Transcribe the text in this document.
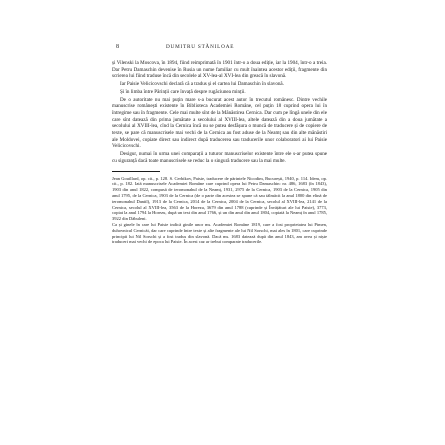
8	DUMITRU STĂNILOAE

și Vilenski la Moscova, în 1894, fiind reimprimată în 1901 într-o a doua ediție, iar la 1904, într-o a treia. Dar Petru Damaschin devenise în Rusia un nume familiar cu mult înaintea acestor ediții, fragmente din scrierea lui fiind traduse încă din secolele al XV-lea-al XVI-lea din greacă în slavonă.

Iar Paisie Velicicovschi declară că a tradus și el cartea lui Damaschin în slavonă.

Și în limba între Părinții care învață despre rugăciunea minții.

De o autoritate nu mai puțin mare s-a bucurat acest autor în trecutul românesc. Dintre vechile manuscrise românești existente în Biblioteca Academiei Române, cel puțin 18 cuprind opera lui în întregime sau în fragmente. Cele mai multe sînt de la Mănăstirea Cernica. Dar cum pe lîngă unele din ele care sînt datează din prima jumătate a secolului al XVIII-lea, altele datează din a doua jumătate a secolului al XVIII-lea, cînd la Cernica încă nu se putea desfășura o muncă de traducere și de copiere de texte, se pare că manuscrisele mai vechi de la Cernica au fost aduse de la Neamț sau din alte mănăstiri ale Moldovei, copiate direct sau indirect după traducerea sau traducerile unor colaboratori ai lui Paisie Velicicovschi.

Desigur, numai în urma unei comparații a tuturor manuscriselor existente între ele s-ar putea spune cu siguranță dacă toate manuscrisele se reduc la o singură traducere sau la mai multe.

Jean Gouillard, op. cit., p. 128. S. Cerbikov, Paisie, traducere de părintele Nicodim, București, 1940, p. 114. Idem, op. cit., p. 182. Iată manuscrisele Academiei Române care cuprind opera lui Petru Damaschin: nr. 486, 1683 (în 1843), 1903 din anul 1822, compusă de ieromonahul de la Neamț, 1931, 2975 de la Cernica, 1903 de la Cernica, 1905 din anul 1795, de la Cernica, 1903 de la Cernica (de o parte din acestea se spune că sau tălmăcit la anul 1800 din elină de ieromonahul Daniil), 1913 de la Cernica, 2014 de la Cernica, 2004 de la Cernica, secolul al XVIII-lea, 2141 de la Cernica, secolul al XVIII-lea, 3563 de la Horezu, 3679 din anul 1788 (cuprinde și Învățături ale lui Paisie), 3773, copiat la anul 1794 la Horezu, după un text din anul 1766, și un din anul din anul 1804, copiată la Neamț în anul 1785, 3922 din Dăbuleni.

Ca și ginele în care lui Paisie indică ginile unor ms. Academiei Române 1819, care a fost proprietatea lui Pimen, duhovnicul Cernicăi, dar care cuprinde între texte și alte fragmente ale lui Nil Sorschi, mai ales în 1801, care cuprinde principii lui Nil Sorschi și a fost tradus din slavonă. Dacă ms. 1683 datează după din anul 1843, am avea și niște traduceri mai vechi de epoca lui Paisie. În acest caz ar trebui comparate traducerile.
